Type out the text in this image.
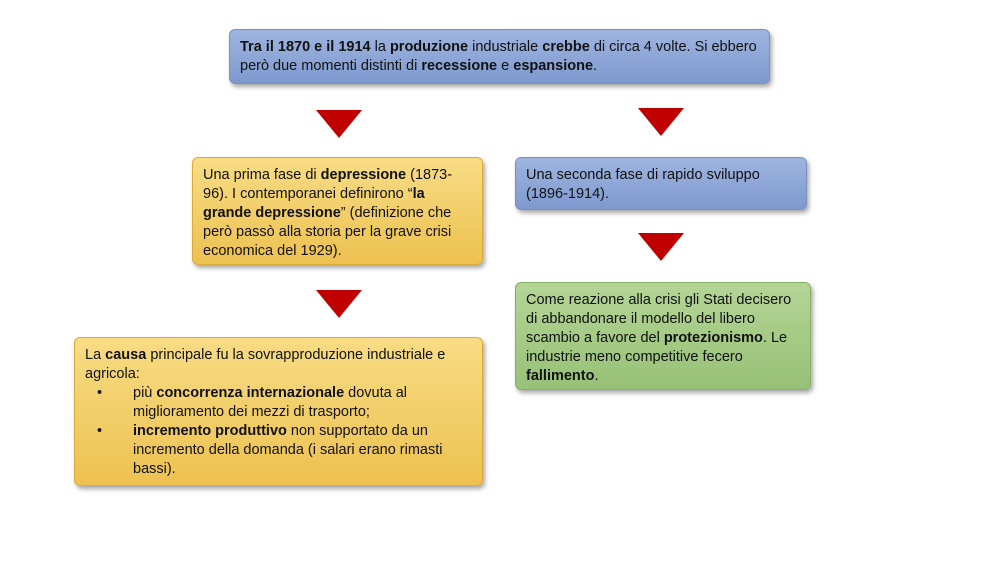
Tra il 1870 e il 1914 la produzione industriale crebbe di circa 4 volte. Si ebbero però due momenti distinti di recessione e espansione.
Una prima fase di depressione (1873-96). I contemporanei definirono “la grande depressione” (definizione che però passò alla storia per la grave crisi economica del 1929).
Una seconda fase di rapido sviluppo (1896-1914).
Come reazione alla crisi gli Stati decisero di abbandonare il modello del libero scambio a favore del protezionismo. Le industrie meno competitive fecero fallimento.
La causa principale fu la sovrapproduzione industriale e agricola:
• più concorrenza internazionale dovuta al miglioramento dei mezzi di trasporto;
• incremento produttivo non supportato da un incremento della domanda (i salari erano rimasti bassi).
